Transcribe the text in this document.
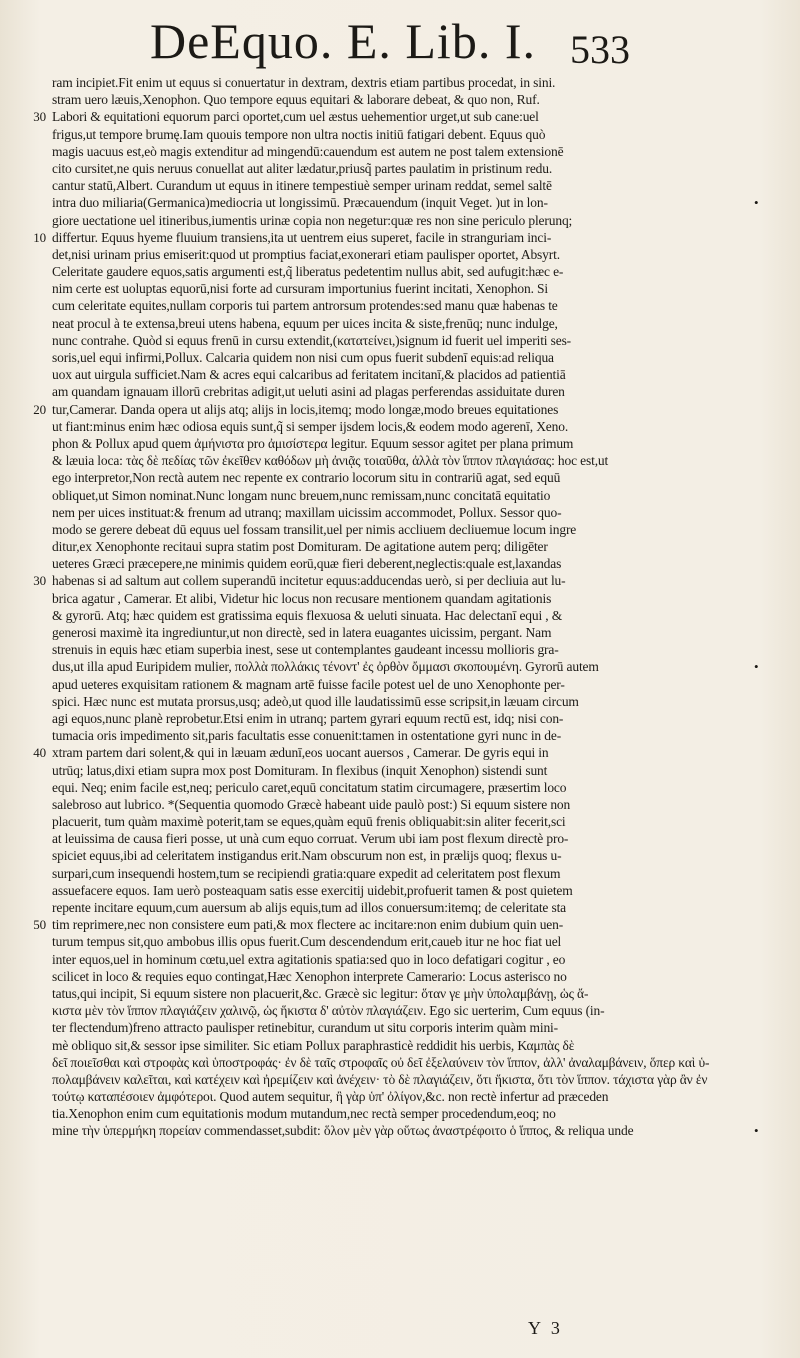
DeEquo. E. Lib. I. 533
ram incipiet.Fit enim ut equus si conuertatur in dextram, dextris etiam partibus procedat, in sini.
stram uero læuis,Xenophon. Quo tempore equus equitari & laborare debeat, & quo non, Ruf.
30 Labori & equitationi equorum parci oportet,cum uel æstus uehementior urget,ut sub cane:uel
frigus,ut tempore brumę.Iam quouis tempore non ultra noctis initiū fatigari debent. Equus quò
magis uacuus est,eò magis extenditur ad mingendū:cauendum est autem ne post talem extensionē
cito cursitet,ne quis neruus conuellat aut aliter lædatur,priusq̃ partes paulatim in pristinum redu.
cantur statū,Albert. Curandum ut equus in itinere tempestiuè semper urinam reddat, semel saltē
intra duo miliaria(Germanica)mediocria ut longissimū. Præcauendum (inquit Veget. )ut in lon-	•
giore uectatione uel itineribus,iumentis urinæ copia non negetur:quæ res non sine periculo plerunq;
10 differtur. Equus hyeme fluuium transiens,ita ut uentrem eius superet, facile in stranguriam inci-
det,nisi urinam prius emiserit:quod ut promptius faciat,exonerari etiam paulisper oportet, Absyrt.
Celeritate gaudere equos,satis argumenti est,q̃ liberatus pedetentim nullus abit, sed aufugit:hæc e-
nim certe est uoluptas equorū,nisi forte ad cursuram importunius fuerint incitati, Xenophon. Si
cum celeritate equites,nullam corporis tui partem antrorsum protendes:sed manu quæ habenas te
neat procul à te extensa,breui utens habena, equum per uices incita & siste,frenūq; nunc indulge,
nunc contrahe. Quòd si equus frenū in cursu extendit,(κατατείνει,)signum id fuerit uel imperiti ses-
soris,uel equi infirmi,Pollux. Calcaria quidem non nisi cum opus fuerit subdenī equis:ad reliqua
uox aut uirgula sufficiet.Nam & acres equi calcaribus ad feritatem incitanī,& placidos ad patientiā
am quandam ignauam illorū crebritas adigit,ut ueluti asini ad plagas perferendas assiduitate duren
20 tur,Camerar. Danda opera ut alijs atq; alijs in locis,itemq; modo longæ,modo breues equitationes
ut fiant:minus enim hæc odiosa equis sunt,q̃ si semper ijsdem locis,& eodem modo agerenī, Xeno.
phon & Pollux apud quem ἀμήνιστα pro ἀμισίστερα legitur. Equum sessor agitet per plana primum
& læuia loca: τὰς δὲ πεδίας τῶν ἐκεῖθεν καθόδων μὴ ἀνιᾷς τοιαῦθα, ἀλλὰ τὸν ἵππον πλαγιάσας: hoc est,ut
ego interpretor,Non rectà autem nec repente ex contrario locorum situ in contrariū agat, sed equū
obliquet,ut Simon nominat.Nunc longam nunc breuem,nunc remissam,nunc concitatā equitatio
nem per uices instituat:& frenum ad utranq; maxillam uicissim accommodet, Pollux. Sessor quo-
modo se gerere debeat dū equus uel fossam transilit,uel per nimis accliuem decliuemue locum ingre
ditur,ex Xenophonte recitaui supra statim post Domituram. De agitatione autem perq; diligēter
ueteres Græci præcepere,ne minimis quidem eorū,quæ fieri deberent,neglectis:quale est,laxandas
30 habenas si ad saltum aut collem superandū incitetur equus:adducendas uerò, si per decliuia aut lu-
brica agatur , Camerar. Et alibi, Videtur hic locus non recusare mentionem quandam agitationis
& gyrorū. Atq; hæc quidem est gratissima equis flexuosa & ueluti sinuata. Hac delectanī equi , &
generosi maximè ita ingrediuntur,ut non directè, sed in latera euagantes uicissim, pergant. Nam
strenuis in equis hæc etiam superbia inest, sese ut contemplantes gaudeant incessu mollioris gra-
dus,ut illa apud Euripidem mulier, πολλὰ πολλάκις τένοντ' ἐς ὀρθὸν ὄμμασι σκοπουμένη. Gyrorū autem	•
apud ueteres exquisitam rationem & magnam artē fuisse facile potest uel de uno Xenophonte per-
spici. Hæc nunc est mutata prorsus,usq; adeò,ut quod ille laudatissimū esse scripsit,in læuam circum
agi equos,nunc planè reprobetur.Etsi enim in utranq; partem gyrari equum rectū est, idq; nisi con-
tumacia oris impedimento sit,paris facultatis esse conuenit:tamen in ostentatione gyri nunc in de-
40 xtram partem dari solent,& qui in læuam ædunī,eos uocant auersos , Camerar. De gyris equi in
utrūq; latus,dixi etiam supra mox post Domituram. In flexibus (inquit Xenophon) sistendi sunt
equi. Neq; enim facile est,neq; periculo caret,equū concitatum statim circumagere, præsertim loco
salebroso aut lubrico. *(Sequentia quomodo Græcè habeant uide paulò post:) Si equum sistere non
placuerit, tum quàm maximè poterit,tam se eques,quàm equū frenis obliquabit:sin aliter fecerit,sci
at leuissima de causa fieri posse, ut unà cum equo corruat. Verum ubi iam post flexum directè pro-
spiciet equus,ibi ad celeritatem instigandus erit.Nam obscurum non est, in prælijs quoq; flexus u-
surpari,cum insequendi hostem,tum se recipiendi gratia:quare expedit ad celeritatem post flexum
assuefacere equos. Iam uerò posteaquam satis esse exercitij uidebit,profuerit tamen & post quietem
repente incitare equum,cum auersum ab alijs equis,tum ad illos conuersum:itemq; de celeritate sta
50 tim reprimere,nec non consistere eum pati,& mox flectere ac incitare:non enim dubium quin uen-
turum tempus sit,quo ambobus illis opus fuerit.Cum descendendum erit,caueb itur ne hoc fiat uel
inter equos,uel in hominum cœtu,uel extra agitationis spatia:sed quo in loco defatigari cogitur , eo
scilicet in loco & requies equo contingat,Hæc Xenophon interprete Camerario: Locus asterisco no
tatus,qui incipit, Si equum sistere non placuerit,&c. Græcè sic legitur: ὅταν γε μὴν ὑπολαμβάνῃ, ὡς ἄ-
κιστα μὲν τὸν ἵππον πλαγιάζειν χαλινῷ, ὡς ἥκιστα δ' αὐτὸν πλαγιάζειν. Ego sic uerterim, Cum equus (in-
ter flectendum)freno attracto paulisper retinebitur, curandum ut situ corporis interim quàm mini-
mè obliquo sit,& sessor ipse similiter. Sic etiam Pollux paraphrasticè reddidit his uerbis, Καμπὰς δὲ
δεῖ ποιεῖσθαι καὶ στροφὰς καὶ ὑποστροφάς· ἐν δὲ ταῖς στροφαῖς οὐ δεῖ ἐξελαύνειν τὸν ἵππον, ἀλλ' ἀναλαμβάνειν, ὅπερ καὶ ὑ-
πολαμβάνειν καλεῖται, καὶ κατέχειν καὶ ἠρεμίζειν καὶ ἀνέχειν· τὸ δὲ πλαγιάζειν, ὅτι ἥκιστα, ὅτι τὸν ἵππον. τάχιστα γὰρ ἂν ἐν
τούτῳ καταπέσοιεν ἀμφότεροι. Quod autem sequitur, ἢ γὰρ ὑπ' ὀλίγον,&c. non rectè infertur ad præceden
tia.Xenophon enim cum equitationis modum mutandum,nec rectà semper procedendum,eoq; no
mine τὴν ὑπερμήκη πορείαν commendasset,subdit: ὅλον μὲν γὰρ οὕτως ἀναστρέφοιτο ὁ ἵππος, & reliqua unde	•
Y 3
